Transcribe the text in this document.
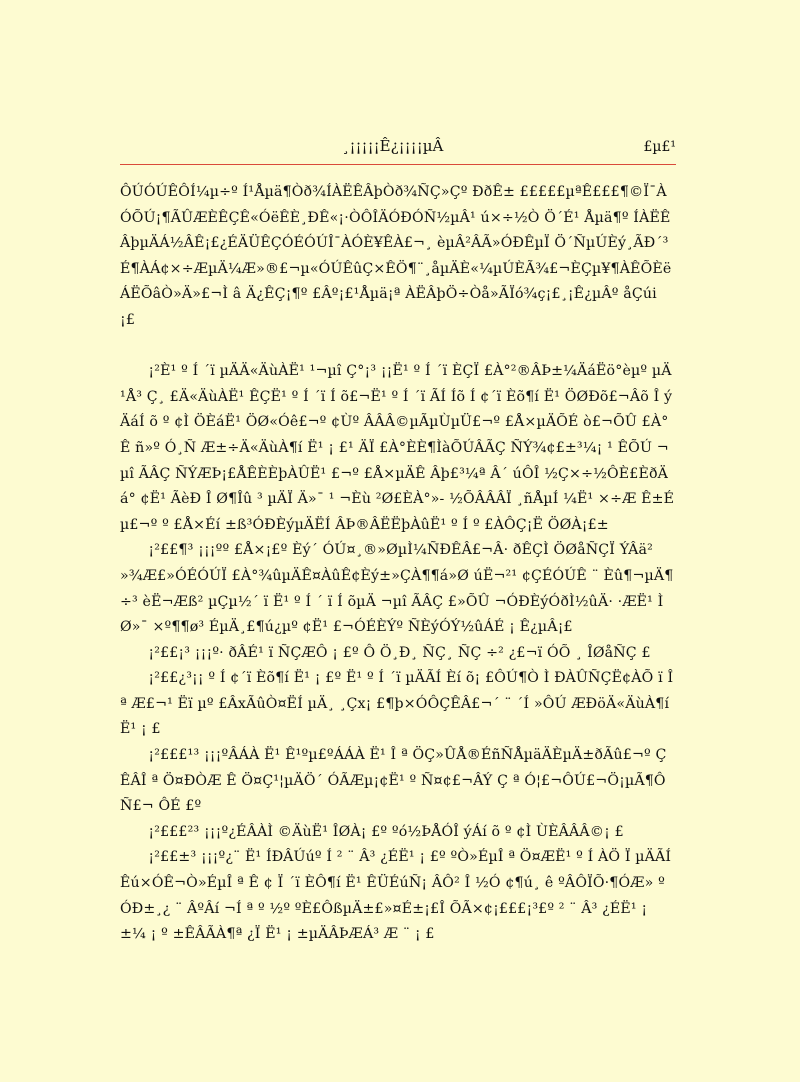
¸¡¡¡¡¡Ê¿¡¡¡¡µÂ	£µ£¹

ÔÚÓÚÊÔÍ¼µ÷º Í¹Åµä¶Òð¾ÍÀËÊÂþÒð¾ÑÇ»Çº ÐðÊ± £££££µªÊ£££¶©Ï¯ÀÓÕÚ¡¶ÃÛÆÈÊÇÊ«ÓëÊÈ¸ÐÊ«¡·ÒÔÎÄÓÐÓÑ½µÂ¹ ú×÷½Ò Ö´É¹ Åµä¶º ÍÀËÊÂþµÄÁ½ÂÊ¡£¿ÉÄÜÊÇÓÉÓÚÎ¯ÀÓÈ¥ÊÀ£¬¸ èµÂ²ÂÃ»ÓÐÊµÏ Ö´ÑµÚÈý¸ÃÐ´³É¶ÀÁ¢×÷ÆµÄ¼Æ»®£¬µ«ÓÚÊûÇ×ÊÖ¶¨¸åµÄÈ«¼µÚÈÃ¾£¬ÈÇµ¥¶ÀÊÕÈëÁËÕâÒ»Ä»£¬Ì â Ä¿ÊÇ¡¶º £Âº¡£¹Åµä¡ª ÀËÂþÖ÷Òå»ÃÏó¾ç¡£¸¡Ê¿µÂº åÇúi ¡£

¡²È¹ º Í ´ï µÄÄ«ÄùÀË¹ ¹¬µî Ç°¡³ ¡¡Ë¹ º Í ´ï ÈÇÏ £À°²®ÂÞ±¼ÄáËö°èµº µÄ¹Å³ Ç¸ £Ä«ÄùÀË¹ ÊÇË¹ º Í ´ï Í õ£¬Ë¹ º Í ´ï ÃÍ Íõ Í ¢´ï Èõ¶í Ë¹ ÖØÐõ£¬Âõ Î ýÄáÍ õ º ¢Ì ÖÈáË¹ ÖØ«Óê£¬º ¢Ùº ÂÂÂ©µÃµÙµÜ£¬º £Å×µÄÕÉ ò£¬ÕÛ £À°Ê ñ»º Ó¸Ñ Æ±÷Ä«ÄùÀ¶í Ë¹ ¡ £¹ ÄÏ £À°ÈÈ¶ÌàÕÚÂÃÇ ÑÝ¾¢£±³¼¡ ¹ ÊÕÚ ¬µî ÃÂÇ ÑÝÆÞ¡£ÅÊÈÈþÀÛË¹ £¬º £Å×µÄÊ Âþ£³¼ª Â´ úÔÎ ½Ç×÷½ÔÈ£ÈðÄá° ¢Ë¹ ÃèÐ Î Ø¶Îû ³ µÄÏ Ä»¯ ¹ ¬Èù ²Ø£ÈÀ°»- ½ÕÂÂÂÏ ¸ñÅµÍ ¼Ë¹ ×÷Æ Ê±Éµ£¬º º £Å×Éí ±ß³ÓÐÈýµÄËÍ ÂÞ®ÂËËþÀûË¹ º Í º £ÀÔÇ¡Ë ÖØÀ¡£±

¡²££¶³ ¡¡¡ºº £Å×¡£º Èý´ ÓÚ¤¸®»ØµÌ¼ÑÐÊÂ£¬Â· ðÊÇÌ ÖØåÑÇÏ ÝÂä² »¾Æ£»ÓÉÓÚÏ £À°¾ûµÄÊ¤ÀûÊ¢Èý±»ÇÀ¶¶á»Ø úË¬²¹ ¢ÇÉÓÚÊ ¨ Èû¶¬µÄ¶÷³ èË¬Æß² µÇµ½´ ï Ë¹ º Í ´ ï Í õµÄ ¬µî ÃÂÇ £»ÕÛ ¬ÓÐÈýÓðÌ½ûÄ· ·ÆË¹ Ì Ø»¯ ×º¶¶ø³ ÉµÄ¸£¶ú¿µº ¢Ë¹ £¬ÓÉÈÝº ÑÈýÓÝ½ûÁÉ ¡ Ê¿µÂ¡£

¡²££¡³ ¡¡¡º· ðÂÉ¹ ï ÑÇÆÔ ¡ £º Ô Ö¸Ð¸ ÑÇ¸ ÑÇ ÷² ¿£¬ï ÓÕ ¸ ÎØåÑÇ £

¡²££¿³¡¡ º Í ¢´ï Èõ¶í Ë¹ ¡ £º Ë¹ º Í ´ï µÄÃÍ Èí õ¡ £ÔÚ¶Ò Ì ÐÀÛÑÇË¢ÀÕ ï Î ª Æ£¬¹ Ëï µº £ÂxÃûÒ¤ËÍ µÄ¸ ¸Çx¡ £¶þ×ÓÔÇÊÂ£¬´ ¨ ´Í »ÔÚ ÆÐöÄ«ÄùÀ¶í Ë¹ ¡ £

¡²£££¹³ ¡¡¡ºÂÁÀ Ë¹ Ê¹ºµ£ºÁÁÀ Ë¹ Î ª ÖÇ»ÛÅ®ÉñÑÅµäÄÈµÄ±ðÃû£¬º ÇÊÂÎ ª Ö¤ÐÒÆ Ê Ö¤Ç¹¦µÄÖ´ ÓÃÆµ¡¢Ë¹ º Ñ¤¢£¬ÂÝ Ç ª Ó¦£¬ÔÚ£¬Ö¡µÃ¶ÔÑ£¬ ÔÉ £º

¡²£££²³ ¡¡¡º¿ÉÂÀÌ ©ÄùË¹ ÎØÀ¡ £º ºó½ÞÅÓÎ ýÁí õ º ¢Ì ÙÈÂÂÂ©¡ £

¡²££±³ ¡¡¡º¿¨ Ë¹ ÍÐÂÚúº Í ² ¨ Â³ ¿ÉË¹ ¡ £º ºÒ»ÉµÎ ª Ö¤ÆË¹ º Í ÀÖ Ï µÄÃÍ Êú×ÓÊ¬Ò»ÉµÎ ª Ê ¢ Ï ´ï ÈÔ¶í Ë¹ ÊÜÉúÑ¡ ÂÔ² Î ½Ó ¢¶ú¸ ê ºÂÔÏÕ·¶ÓÆ» º ÓÐ±¸¿ ¨ ÂºÂí ¬Í ª º ½º ºÈ£ÔßµÄ±£»¤É±¡£Î ÕÃ×¢¡£££¡³£º ² ¨ Â³ ¿ÉË¹ ¡ ±¼ ¡ º ±ÊÂÃÀ¶ª ¿Ï Ë¹ ¡ ±µÄÂÞÆÁ³ Æ ¨ ¡ £
